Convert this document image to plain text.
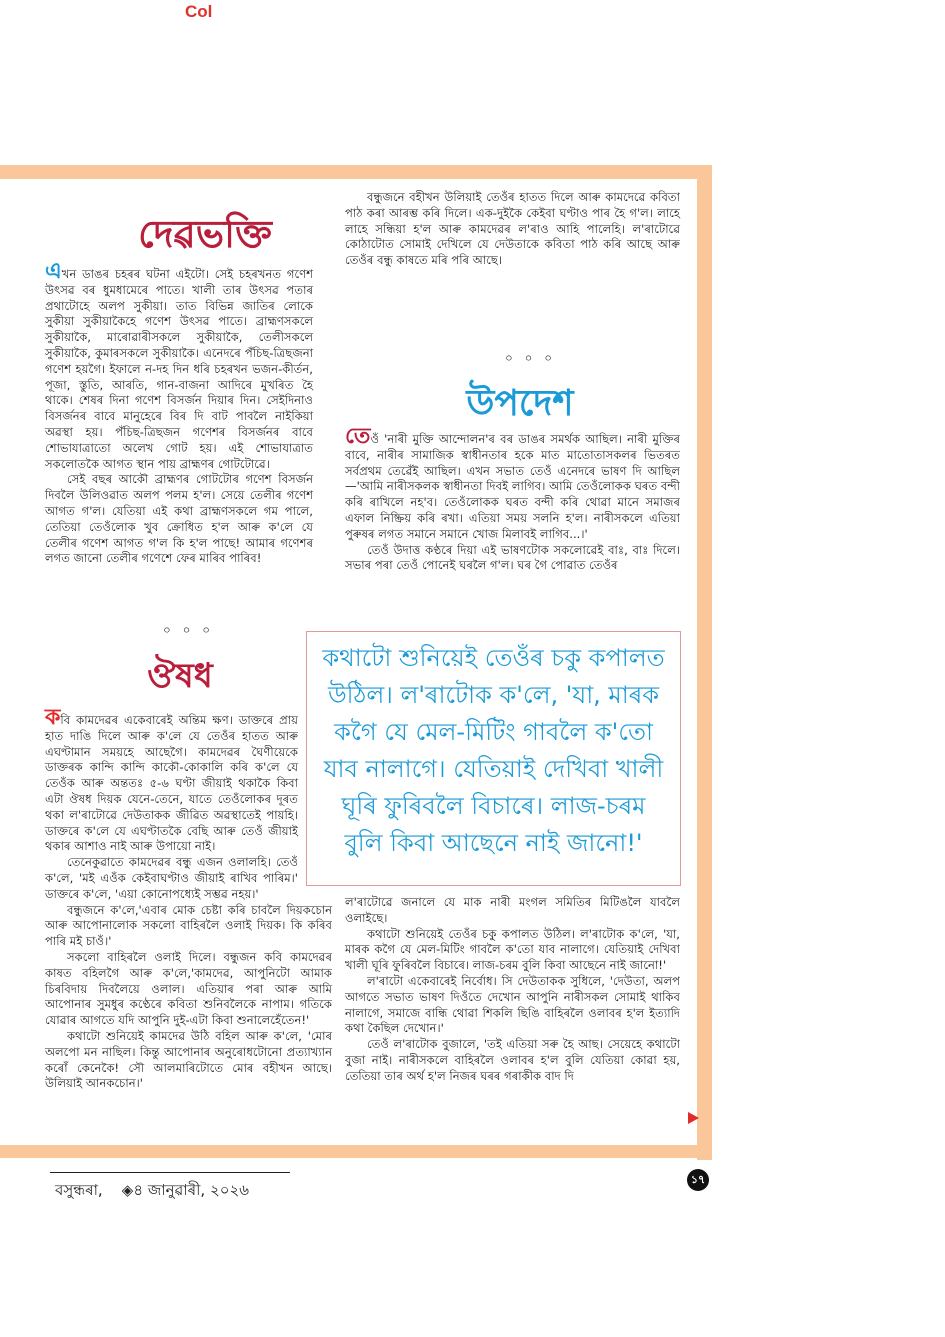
Col
দেৱভক্তি

এখন ডাঙৰ চহৰৰ ঘটনা এইটো। সেই চহৰখনত গণেশ উৎসৱ বৰ ধুমধামেৰে পাতে। খালী তাৰ উৎসৱ পতাৰ প্ৰথাটোহে অলপ সুকীয়া। তাত বিভিন্ন জাতিৰ লোকে সুকীয়া সুকীয়াকৈহে গণেশ উৎসৱ পাতে। ব্ৰাহ্মণসকলে সুকীয়াকৈ, মাৰোৱাৰীসকলে সুকীয়াকৈ, তেলীসকলে সুকীয়াকৈ, কুমাৰসকলে সুকীয়াকৈ। এনেদৰে পঁচিছ-ত্ৰিছজনা গণেশ হয়গৈ। ইফালে ন-দহ দিন ধৰি চহৰখন ভজন-কীৰ্তন, পূজা, স্তুতি, আৰতি, গান-বাজনা আদিৰে মুখৰিত হৈ থাকে। শেষৰ দিনা গণেশ বিসৰ্জন দিয়াৰ দিন। সেইদিনাও বিসৰ্জনৰ বাবে মানুহেৰে বিৰ দি বাট পাবলৈ নাইকিয়া অৱস্থা হয়। পঁচিছ-ত্ৰিছজন গণেশৰ বিসৰ্জনৰ বাবে শোভাযাত্ৰাতো অলেখ গোট হয়। এই শোভাযাত্ৰাত সকলোতকৈ আগত স্থান পায় ব্ৰাহ্মণৰ গোটটোৱে।

সেই বছৰ আকৌ ব্ৰাহ্মণৰ গোটটোৰ গণেশ বিসৰ্জন দিবলৈ উলিওৱাত অলপ পলম হ'ল। সেয়ে তেলীৰ গণেশ আগত গ'ল। যেতিয়া এই কথা ব্ৰাহ্মণসকলে গম পালে, তেতিয়া তেওঁলোক খুব ক্ৰোধিত হ'ল আৰু ক'লে যে তেলীৰ গণেশ আগত গ'ল কি হ'ল পাছে! আমাৰ গণেশৰ লগত জানো তেলীৰ গণেশে ফেৰ মাৰিব পাৰিব!

০ ০ ০
ঔষধ

কবি কামদেৱৰ একেবাৰেই অন্তিম ক্ষণ। ডাক্তৰে প্ৰায় হাত দাঙি দিলে আৰু ক'লে যে তেওঁৰ হাতত আৰু এঘণ্টামান সময়হে আছেগৈ। কামদেৱৰ ঘৈণীয়েকে ডাক্তৰক কান্দি কান্দি কাকৌ-কোকালি কৰি ক'লে যে তেওঁক আৰু অন্ততঃ ৫-৬ ঘণ্টা জীয়াই থকাকৈ কিবা এটা ঔষধ দিয়ক যেনে-তেনে, যাতে তেওঁলোকৰ দূৰত থকা ল'ৰাটোৱে দেউতাকক জীৱিত অৱস্থাতেই পায়হি। ডাক্তৰে ক'লে যে এঘণ্টাতকৈ বেছি আৰু তেওঁ জীয়াই থকাৰ আশাও নাই আৰু উপায়ো নাই।

তেনেকুৱাতে কামদেৱৰ বন্ধু এজন ওলালহি। তেওঁ ক'লে, 'মই এওঁক কেইবাঘণ্টাও জীয়াই ৰাখিব পাৰিম।' ডাক্তৰে ক'লে, 'এয়া কোনোপধ্যেই সম্ভৱ নহয়।'

বন্ধুজনে ক'লে,'এবাৰ মোক চেষ্টা কৰি চাবলৈ দিয়কচোন আৰু আপোনালোক সকলো বাহিৰলৈ ওলাই দিয়ক। কি কৰিব পাৰি মই চাওঁ।'

সকলো বাহিৰলৈ ওলাই দিলে। বন্ধুজন কবি কামদেৱৰ কাষত বহিলগৈ আৰু ক'লে,'কামদেৱ, আপুনিটো আমাক চিৰবিদায় দিবলৈয়ে ওলাল। এতিয়াৰ পৰা আৰু আমি আপোনাৰ সুমধুৰ কণ্ঠেৰে কবিতা শুনিবলৈকে নাপাম। গতিকে যোৱাৰ আগতে যদি আপুনি দুই-এটা কিবা শুনালেহেঁতেন!'

কথাটো শুনিয়েই কামদেৱ উঠি বহিল আৰু ক'লে, 'মোৰ অলপো মন নাছিল। কিন্তু আপোনাৰ অনুৰোধটোনো প্ৰত্যাখ্যান কৰোঁ কেনেকৈ! সৌ আলমাৰিটোতে মোৰ বহীখন আছে। উলিয়াই আনকচোন।'

বন্ধুজনে বহীখন উলিয়াই তেওঁৰ হাতত দিলে আৰু কামদেৱে কবিতা পাঠ কৰা আৰম্ভ কৰি দিলে। এক-দুইকৈ কেইবা ঘণ্টাও পাৰ হৈ গ'ল। লাহে লাহে সন্ধিয়া হ'ল আৰু কামদেৱৰ ল'ৰাও আহি পালেহি। ল'ৰাটোৱে কোঠাটোত সোমাই দেখিলে যে দেউতাকে কবিতা পাঠ কৰি আছে আৰু তেওঁৰ বন্ধু কাষতে মৰি পৰি আছে।

০ ০ ০
উপদেশ

তেওঁ 'নাৰী মুক্তি আন্দোলন'ৰ বৰ ডাঙৰ সমৰ্থক আছিল। নাৰী মুক্তিৰ বাবে, নাৰীৰ সামাজিক স্বাধীনতাৰ হকে মাত মাতোতাসকলৰ ভিতৰত সৰ্বপ্ৰথম তেৱেঁই আছিল। এখন সভাত তেওঁ এনেদৰে ভাষণ দি আছিল —'আমি নাৰীসকলক স্বাধীনতা দিবই লাগিব। আমি তেওঁলোকক ঘৰত বন্দী কৰি ৰাখিলে নহ'ব। তেওঁলোকক ঘৰত বন্দী কৰি থোৱা মানে সমাজৰ এফাল নিষ্ক্ৰিয় কৰি ৰখা। এতিয়া সময় সলনি হ'ল। নাৰীসকলে এতিয়া পুৰুষৰ লগত সমানে সমানে খোজ মিলাবই লাগিব...।'

তেওঁ উদাত্ত কণ্ঠৰে দিয়া এই ভাষণটোক সকলোৱেই বাঃ, বাঃ দিলে। সভাৰ পৰা তেওঁ পোনেই ঘৰলৈ গ'ল। ঘৰ গৈ পোৱাত তেওঁৰ

কথাটো শুনিয়েই তেওঁৰ চকু কপালত উঠিল। ল'ৰাটোক ক'লে, 'যা, মাৰক কগৈ যে মেল-মিটিং গাবলৈ ক'তো যাব নালাগে। যেতিয়াই দেখিবা খালী ঘূৰি ফুৰিবলৈ বিচাৰে। লাজ-চৰম বুলি কিবা আছেনে নাই জানো!'

ল'ৰাটোৱে জনালে যে মাক নাৰী মংগল সমিতিৰ মিটিঙলৈ যাবলৈ ওলাইছে।

কথাটো শুনিয়েই তেওঁৰ চকু কপালত উঠিল। ল'ৰাটোক ক'লে, 'যা, মাৰক কগৈ যে মেল-মিটিং গাবলৈ ক'তো যাব নালাগে। যেতিয়াই দেখিবা খালী ঘূৰি ফুৰিবলৈ বিচাৰে। লাজ-চৰম বুলি কিবা আছেনে নাই জানো!'

ল'ৰাটো একেবাৰেই নিৰ্বোধ। সি দেউতাকক সুধিলে, 'দেউতা, অলপ আগতে সভাত ভাষণ দিওঁতে দেখোন আপুনি নাৰীসকল সোমাই থাকিব নালাগে, সমাজে বান্ধি থোৱা শিকলি ছিঙি বাহিৰলৈ ওলাবৰ হ'ল ইত্যাদি কথা কৈছিল দেখোন।'

তেওঁ ল'ৰাটোক বুজালে, 'তই এতিয়া সৰু হৈ আছ। সেয়েহে কথাটো বুজা নাই। নাৰীসকলে বাহিৰলৈ ওলাবৰ হ'ল বুলি যেতিয়া কোৱা হয়, তেতিয়া তাৰ অৰ্থ হ'ল নিজৰ ঘৰৰ গৰাকীক বাদ দি

বসুন্ধৰা, ◈৪ জানুৱাৰী, ২০২৬
১৭
